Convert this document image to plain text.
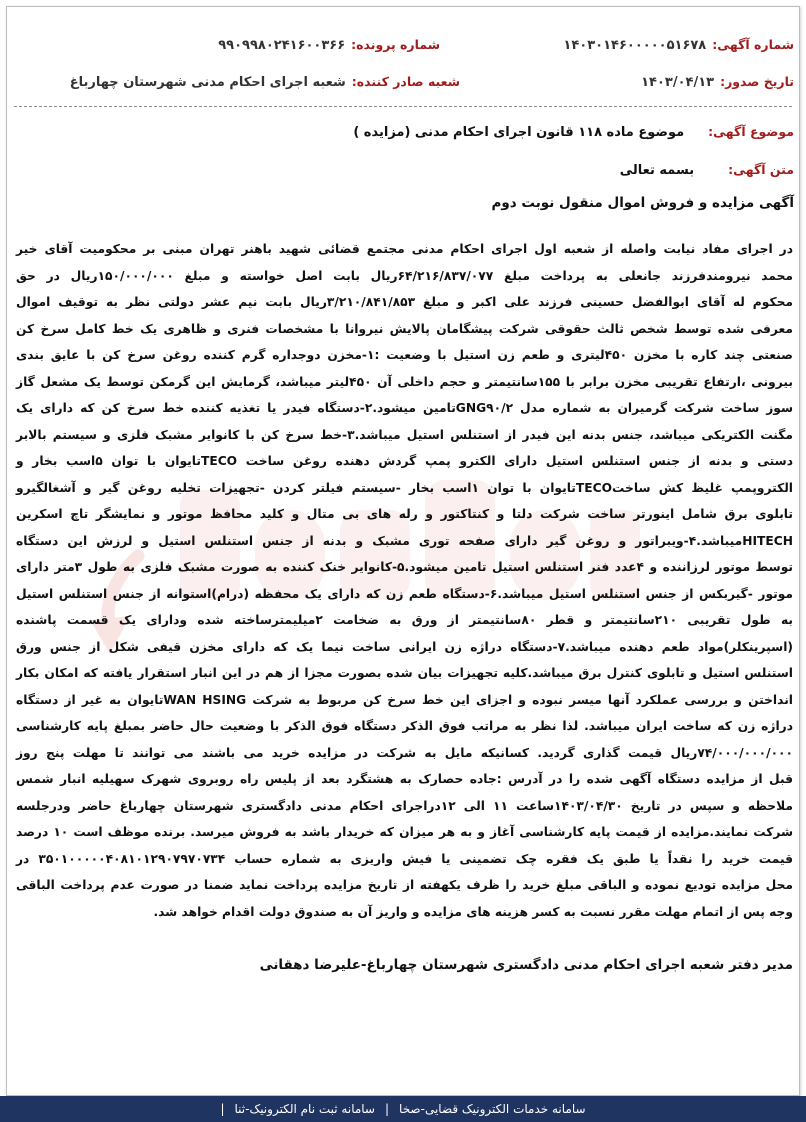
شماره آگهی:
۱۴۰۳۰۱۴۶۰۰۰۰۰۵۱۶۷۸
شماره پرونده:
۹۹۰۹۹۸۰۲۴۱۶۰۰۳۶۶
تاریخ صدور:
۱۴۰۳/۰۴/۱۳
شعبه صادر کننده:
شعبه اجرای احکام مدنی شهرستان چهارباغ
موضوع آگهی:
موضوع ماده ۱۱۸ قانون اجرای احکام مدنی (مزایده )
متن آگهی:
بسمه تعالی
آگهی مزایده و فروش اموال منقول نوبت دوم
در اجرای مفاد نیابت واصله از شعبه اول اجرای احکام مدنی مجتمع قضائی شهید باهنر تهران مبنی بر محکومیت آقای خیر
محمد نیرومندفرزند جانعلی به پرداخت مبلغ ۶۴/۲۱۶/۸۳۷/۰۷۷ریال بابت اصل خواسته و مبلغ ۱۵۰/۰۰۰/۰۰۰ریال در حق
محکوم له آقای ابوالفضل حسینی فرزند علی اکبر و مبلغ ۳/۲۱۰/۸۴۱/۸۵۳ریال بابت نیم عشر دولتی نظر به توقیف اموال
معرفی شده توسط شخص ثالث حقوقی شرکت پیشگامان پالایش نیروانا با مشخصات فنری و ظاهری یک خط کامل سرخ کن
صنعتی چند کاره با مخزن ۴۵۰لیتری و طعم زن استیل با وضعیت :۱-مخزن دوجداره گرم کننده روغن سرخ کن با عایق بندی
بیرونی ،ارتفاع تقریبی مخزن برابر با ۱۵۵سانتیمتر و حجم داخلی آن ۴۵۰لیتر میباشد، گرمایش این گرمکن توسط یک مشعل گاز
سوز ساخت شرکت گرمیران به شماره مدل GNG۹۰/۲تامین میشود.۲-دستگاه فیدر یا تغذیه کننده خط سرخ کن که دارای یک
مگنت الکتریکی میباشد، جنس بدنه این فیدر از استنلس استیل میباشد.۳-خط سرخ کن با کانوایر مشبک فلزی و سیستم بالابر
دستی و بدنه از جنس استنلس استیل دارای الکترو پمپ گردش دهنده روغن ساخت TECOتایوان با توان ۵اسب بخار و
الکتروپمپ غلیظ کش ساختTECOتایوان با توان ۱اسب بخار -سیستم فیلتر کردن -تجهیزات تخلیه روغن گیر و آشغالگیرو
تابلوی برق شامل اینورتر ساخت شرکت دلتا و کنتاکتور و رله های بی متال و کلید محافظ موتور و نمایشگر تاچ اسکرین
HITECHمیباشد.۴-ویبراتور و روغن گیر دارای صفحه توری مشبک و بدنه از جنس استنلس استیل و لرزش این دستگاه
توسط موتور لرزاننده و ۴عدد فنر استنلس استیل تامین میشود.۵-کانوایر خنک کننده به صورت مشبک فلزی به طول ۳متر دارای
موتور -گیربکس از جنس استنلس استیل میباشد.۶-دستگاه طعم زن که دارای یک محفظه (درام)استوانه از جنس استنلس استیل
به طول تقریبی ۲۱۰سانتیمتر و قطر ۸۰سانتیمتر از ورق به ضخامت ۲میلیمترساخته شده ودارای یک قسمت پاشنده
(اسپرینکلر)مواد طعم دهنده میباشد.۷-دستگاه دراژه زن ایرانی ساخت نیما یک که دارای مخزن قیفی شکل از جنس ورق
استنلس استیل و تابلوی کنترل برق میباشد.کلیه تجهیزات بیان شده بصورت مجزا از هم در این انبار استقرار یافته که امکان بکار
انداختن و بررسی عملکرد آنها میسر نبوده و اجزای این خط سرخ کن مربوط به شرکت WAN HSINGتایوان به غیر از دستگاه
دراژه زن که ساخت ایران میباشد. لذا نظر به مراتب فوق الذکر دستگاه فوق الذکر با وضعیت حال حاضر بمبلغ پایه کارشناسی
۷۴/۰۰۰/۰۰۰/۰۰۰ریال قیمت گذاری گردید. کسانیکه مایل به شرکت در مزایده خرید می باشند می توانند تا مهلت پنج روز
قبل از مزایده دستگاه آگهی شده را در آدرس :جاده حصارک به هشتگرد بعد از پلیس راه روبروی شهرک سهیلیه انبار شمس
ملاحظه و سپس در تاریخ ۱۴۰۳/۰۴/۳۰ساعت ۱۱ الی ۱۲دراجرای احکام مدنی دادگستری شهرستان چهارباغ حاضر ودرجلسه
شرکت نمایند.مزایده از قیمت پایه کارشناسی آغاز و به هر میزان که خریدار باشد به فروش میرسد. برنده موظف است ۱۰ درصد
قیمت خرید را نقداً یا طبق یک فقره چک تضمینی یا فیش واریزی به شماره حساب ۳۵۰۱۰۰۰۰۰۴۰۸۱۰۱۲۹۰۷۹۷۰۷۳۴ در
محل مزایده تودیع نموده و الباقی مبلغ خرید را ظرف یکهفته از تاریخ مزایده پرداخت نماید ضمنا در صورت عدم پرداخت الباقی
وجه پس از اتمام مهلت مقرر نسبت به کسر هزینه های مزایده و واریز آن به صندوق دولت اقدام خواهد شد.
مدیر دفتر شعبه اجرای احکام مدنی دادگستری شهرستان چهارباغ-علیرضا دهقانی
سامانه خدمات الکترونیک قضایی-صخا
|
سامانه ثبت نام الکترونیک-ثنا
|
